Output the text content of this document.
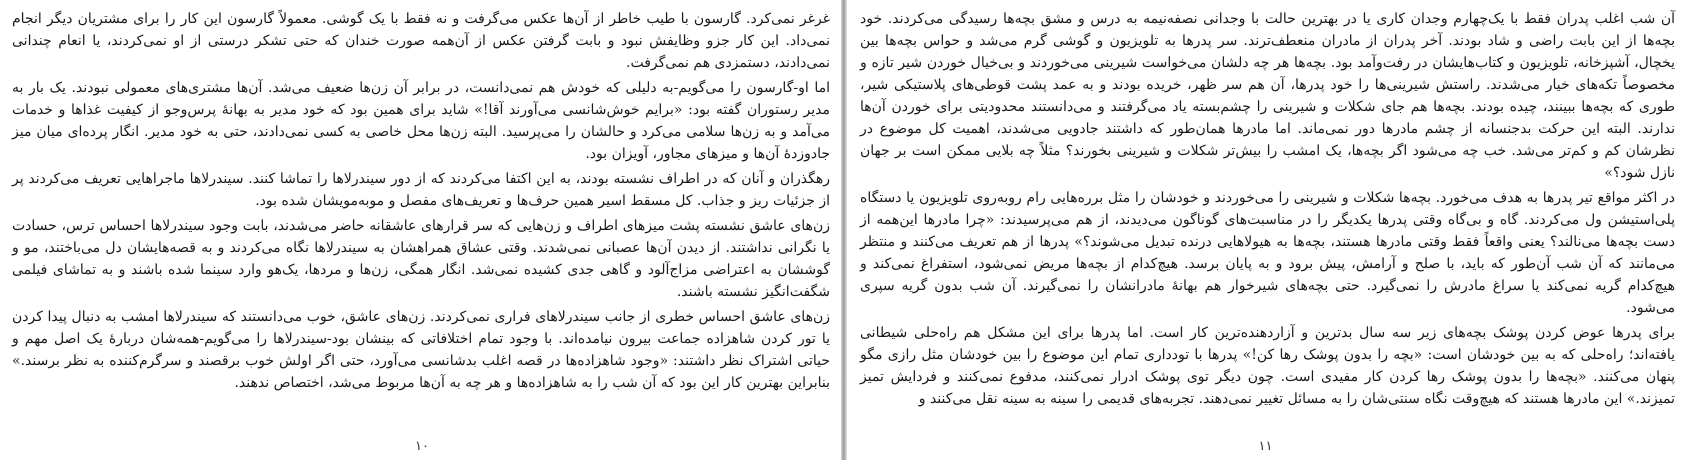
غرغر نمی‌کرد. گارسون با طیب خاطر از آن‌ها عکس می‌گرفت و نه فقط با یک گوشی. معمولاً گارسون این کار را برای مشتریان دیگر انجام نمی‌داد. این کار جزو وظایفش نبود و بابت گرفتن عکس از آن‌همه صورت خندان که حتی تشکر درستی از او نمی‌کردند، یا انعام چندانی نمی‌دادند، دستمزدی هم نمی‌گرفت.

اما او-گارسون را می‌گویم-به دلیلی که خودش هم نمی‌دانست، در برابر آن زن‌ها ضعیف می‌شد. آن‌ها مشتری‌های معمولی نبودند. یک بار به مدیر رستوران گفته بود: «برایم خوش‌شانسی می‌آورند آقا!» شاید برای همین بود که خود مدیر به بهانهٔ پرس‌وجو از کیفیت غذاها و خدمات می‌آمد و به زن‌ها سلامی می‌کرد و حالشان را می‌پرسید. البته زن‌ها محل خاصی به کسی نمی‌دادند، حتی به خود مدیر. انگار پرده‌ای میان میز جادوزدهٔ آن‌ها و میزهای مجاور، آویزان بود.

رهگذران و آنان که در اطراف نشسته بودند، به این اکتفا می‌کردند که از دور سیندرلاها را تماشا کنند. سیندرلاها ماجراهایی تعریف می‌کردند پر از جزئیات ریز و جذاب. کل مسقط اسیر همین حرف‌ها و تعریف‌های مفصل و موبه‌مویشان شده بود.

زن‌های عاشق نشسته پشت میزهای اطراف و زن‌هایی که سر قرارهای عاشقانه حاضر می‌شدند، بابت وجود سیندرلاها احساس ترس، حسادت یا نگرانی نداشتند. از دیدن آن‌ها عصبانی نمی‌شدند. وقتی عشاق همراهشان به سیندرلاها نگاه می‌کردند و به قصه‌هایشان دل می‌باختند، مو و گوششان به اعتراضی مزاج‌آلود و گاهی جدی کشیده نمی‌شد. انگار همگی، زن‌ها و مردها، یک‌هو وارد سینما شده باشند و به تماشای فیلمی شگفت‌انگیز نشسته باشند.

زن‌های عاشق احساس خطری از جانب سیندرلاهای فراری نمی‌کردند. زن‌های عاشق، خوب می‌دانستند که سیندرلاها امشب به دنبال پیدا کردن یا تور کردن شاهزاده جماعت بیرون نیامده‌اند. با وجود تمام اختلافاتی که بینشان بود-سیندرلاها را می‌گویم-همه‌شان دربارهٔ یک اصل مهم و حیاتی اشتراک نظر داشتند: «وجود شاهزاده‌ها در قصه اغلب بدشانسی می‌آورد، حتی اگر اولش خوب برقصند و سرگرم‌کننده به نظر برسند.» بنابراین بهترین کار این بود که آن شب را به شاهزاده‌ها و هر چه به آن‌ها مربوط می‌شد، اختصاص ندهند.

۱۰

آن شب اغلب پدران فقط با یک‌چهارم وجدان کاری یا در بهترین حالت با وجدانی نصفه‌نیمه به درس و مشق بچه‌ها رسیدگی می‌کردند. خود بچه‌ها از این بابت راضی و شاد بودند. آخر پدران از مادران منعطف‌ترند. سر پدرها به تلویزیون و گوشی گرم می‌شد و حواس بچه‌ها بین یخچال، آشپزخانه، تلویزیون و کتاب‌هایشان در رفت‌وآمد بود. بچه‌ها هر چه دلشان می‌خواست شیرینی می‌خوردند و بی‌خیال خوردن شیر تازه و مخصوصاً تکه‌های خیار می‌شدند. راستش شیرینی‌ها را خود پدرها، آن هم سر ظهر، خریده بودند و به عمد پشت قوطی‌های پلاستیکی شیر، طوری که بچه‌ها ببینند، چیده بودند. بچه‌ها هم جای شکلات و شیرینی را چشم‌بسته یاد می‌گرفتند و می‌دانستند محدودیتی برای خوردن آن‌ها ندارند. البته این حرکت بدجنسانه از چشم مادرها دور نمی‌ماند. اما مادرها همان‌طور که داشتند جادویی می‌شدند، اهمیت کل موضوع در نظرشان کم و کم‌تر می‌شد. خب چه می‌شود اگر بچه‌ها، یک امشب را بیش‌تر شکلات و شیرینی بخورند؟ مثلاً چه بلایی ممکن است بر جهان نازل شود؟»

در اکثر مواقع تیر پدرها به هدف می‌خورد. بچه‌ها شکلات و شیرینی را می‌خوردند و خودشان را مثل برره‌هایی رام روبه‌روی تلویزیون یا دستگاه پلی‌استیشن ول می‌کردند. گاه و بی‌گاه وقتی پدرها یکدیگر را در مناسبت‌های گوناگون می‌دیدند، از هم می‌پرسیدند: «چرا مادرها این‌همه از دست بچه‌ها می‌نالند؟ یعنی واقعاً فقط وقتی مادرها هستند، بچه‌ها به هیولاهایی درنده تبدیل می‌شوند؟» پدرها از هم تعریف می‌کنند و منتظر می‌مانند که آن شب آن‌طور که باید، با صلح و آرامش، پیش برود و به پایان برسد. هیچ‌کدام از بچه‌ها مریض نمی‌شود، استفراغ نمی‌کند و هیچ‌کدام گریه نمی‌کند یا سراغ مادرش را نمی‌گیرد. حتی بچه‌های شیرخوار هم بهانهٔ مادرانشان را نمی‌گیرند. آن شب بدون گریه سپری می‌شود.

برای پدرها عوض کردن پوشک بچه‌های زیر سه سال بدترین و آزاردهنده‌ترین کار است. اما پدرها برای این مشکل هم راه‌حلی شیطانی یافته‌اند؛ راه‌حلی که به بین خودشان است: «بچه را بدون پوشک رها کن!» پدرها با تودداری تمام این موضوع را بین خودشان مثل رازی مگو پنهان می‌کنند. «بچه‌ها را بدون پوشک رها کردن کار مفیدی است. چون دیگر توی پوشک ادرار نمی‌کنند، مدفوع نمی‌کنند و فردایش تمیز تمیزند.» این مادرها هستند که هیچ‌وقت نگاه سنتی‌شان را به مسائل تغییر نمی‌دهند. تجربه‌های قدیمی را سینه به سینه نقل می‌کنند و

۱۱
